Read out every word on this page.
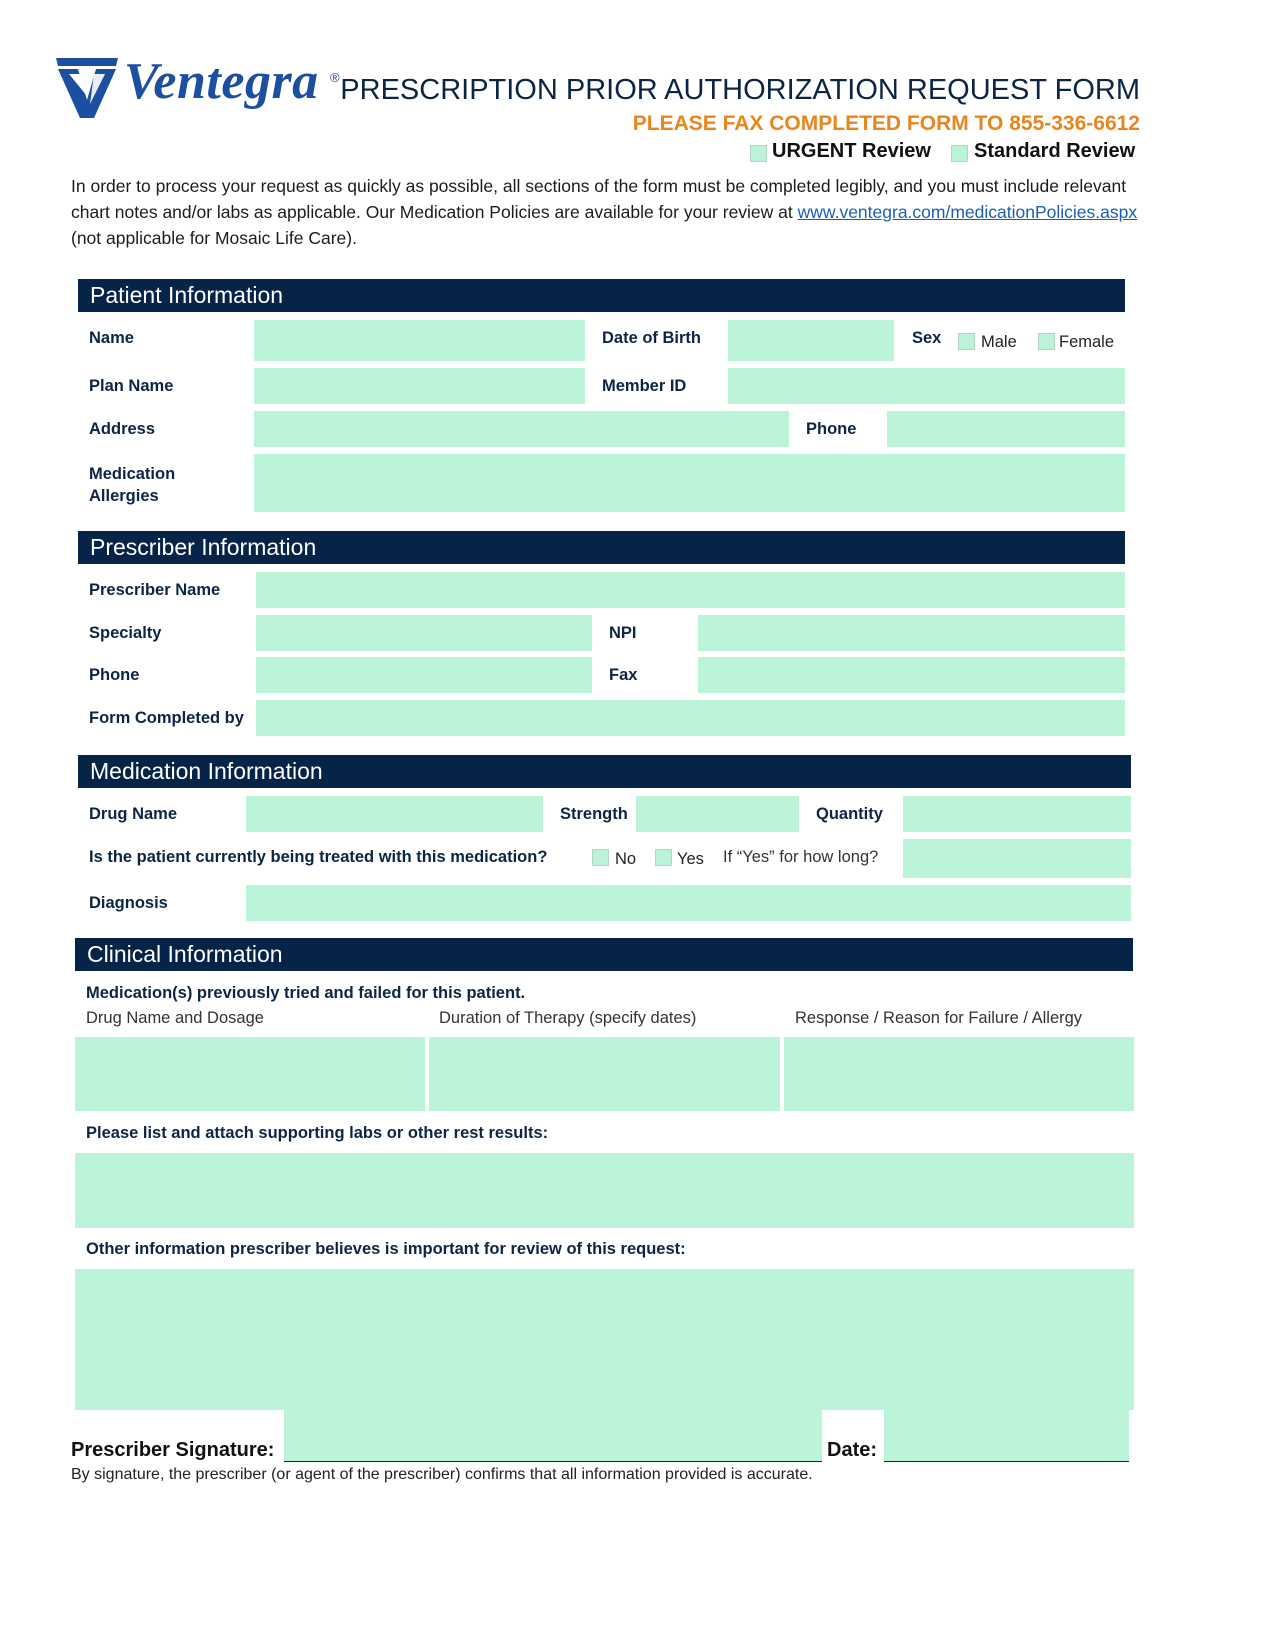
Ventegra ® PRESCRIPTION PRIOR AUTHORIZATION REQUEST FORM
PLEASE FAX COMPLETED FORM TO 855-336-6612
URGENT Review Standard Review
In order to process your request as quickly as possible, all sections of the form must be completed legibly, and you must include relevant chart notes and/or labs as applicable. Our Medication Policies are available for your review at www.ventegra.com/medicationPolicies.aspx (not applicable for Mosaic Life Care).
Patient Information
Name	Date of Birth	Sex Male	Female
Plan Name	Member ID
Address	Phone
Medication
Allergies
Prescriber Information
Prescriber Name
Specialty	NPI
Phone	Fax
Form Completed by
Medication Information
Drug Name	Strength	Quantity
Is the patient currently being treated with this medication?	No Yes If “Yes” for how long?
Diagnosis
Clinical Information
Medication(s) previously tried and failed for this patient.
Drug Name and Dosage	Duration of Therapy (specify dates)	Response / Reason for Failure / Allergy
Please list and attach supporting labs or other rest results:
Other information prescriber believes is important for review of this request:
Prescriber Signature:	Date:
By signature, the prescriber (or agent of the prescriber) confirms that all information provided is accurate.
